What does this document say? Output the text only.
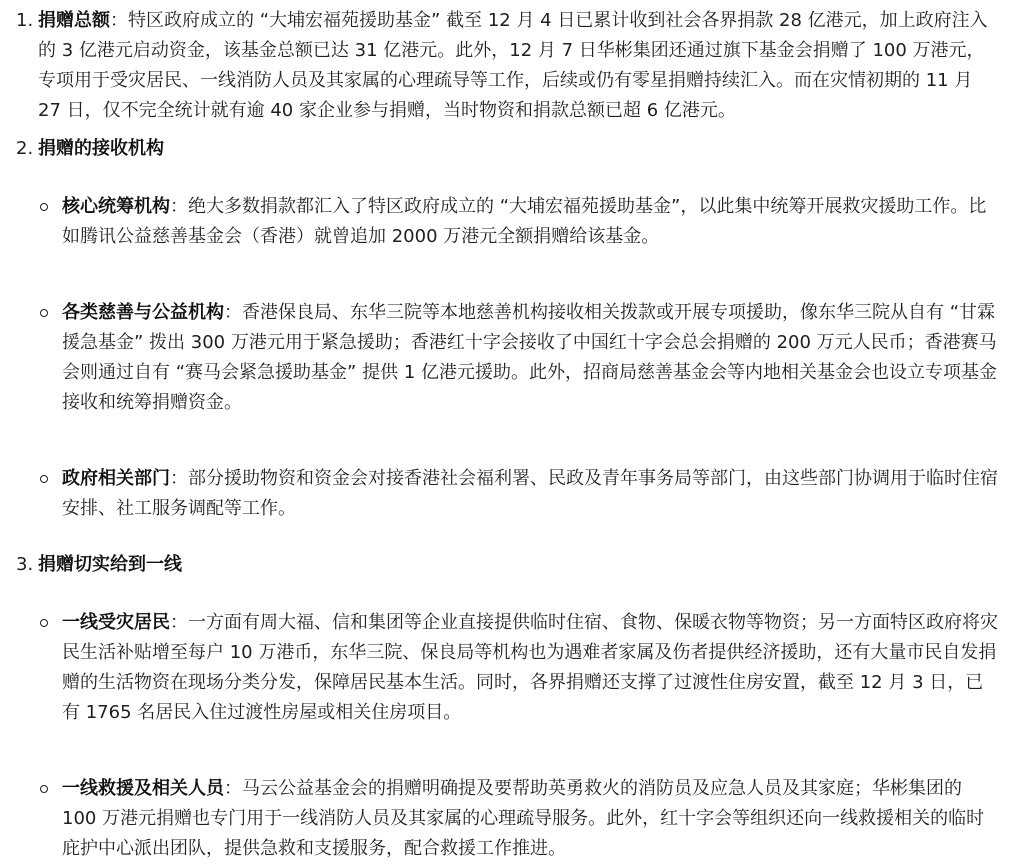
1. 捐赠总额：特区政府成立的 “大埔宏福苑援助基金” 截至 12 月 4 日已累计收到社会各界捐款 28 亿港元，加上政府注入的 3 亿港元启动资金，该基金总额已达 31 亿港元。此外，12 月 7 日华彬集团还通过旗下基金会捐赠了 100 万港元，专项用于受灾居民、一线消防人员及其家属的心理疏导等工作，后续或仍有零星捐赠持续汇入。而在灾情初期的 11 月 27 日，仅不完全统计就有逾 40 家企业参与捐赠，当时物资和捐款总额已超 6 亿港元。

2. 捐赠的接收机构

核心统筹机构：绝大多数捐款都汇入了特区政府成立的 “大埔宏福苑援助基金”，以此集中统筹开展救灾援助工作。比如腾讯公益慈善基金会（香港）就曾追加 2000 万港元全额捐赠给该基金。

各类慈善与公益机构：香港保良局、东华三院等本地慈善机构接收相关拨款或开展专项援助，像东华三院从自有 “甘霖援急基金” 拨出 300 万港元用于紧急援助；香港红十字会接收了中国红十字会总会捐赠的 200 万元人民币；香港赛马会则通过自有 “赛马会紧急援助基金” 提供 1 亿港元援助。此外，招商局慈善基金会等内地相关基金会也设立专项基金接收和统筹捐赠资金。

政府相关部门：部分援助物资和资金会对接香港社会福利署、民政及青年事务局等部门，由这些部门协调用于临时住宿安排、社工服务调配等工作。

3. 捐赠切实给到一线

一线受灾居民：一方面有周大福、信和集团等企业直接提供临时住宿、食物、保暖衣物等物资；另一方面特区政府将灾民生活补贴增至每户 10 万港币，东华三院、保良局等机构也为遇难者家属及伤者提供经济援助，还有大量市民自发捐赠的生活物资在现场分类分发，保障居民基本生活。同时，各界捐赠还支撑了过渡性住房安置，截至 12 月 3 日，已有 1765 名居民入住过渡性房屋或相关住房项目。

一线救援及相关人员：马云公益基金会的捐赠明确提及要帮助英勇救火的消防员及应急人员及其家庭；华彬集团的 100 万港元捐赠也专门用于一线消防人员及其家属的心理疏导服务。此外，红十字会等组织还向一线救援相关的临时庇护中心派出团队，提供急救和支援服务，配合救援工作推进。
